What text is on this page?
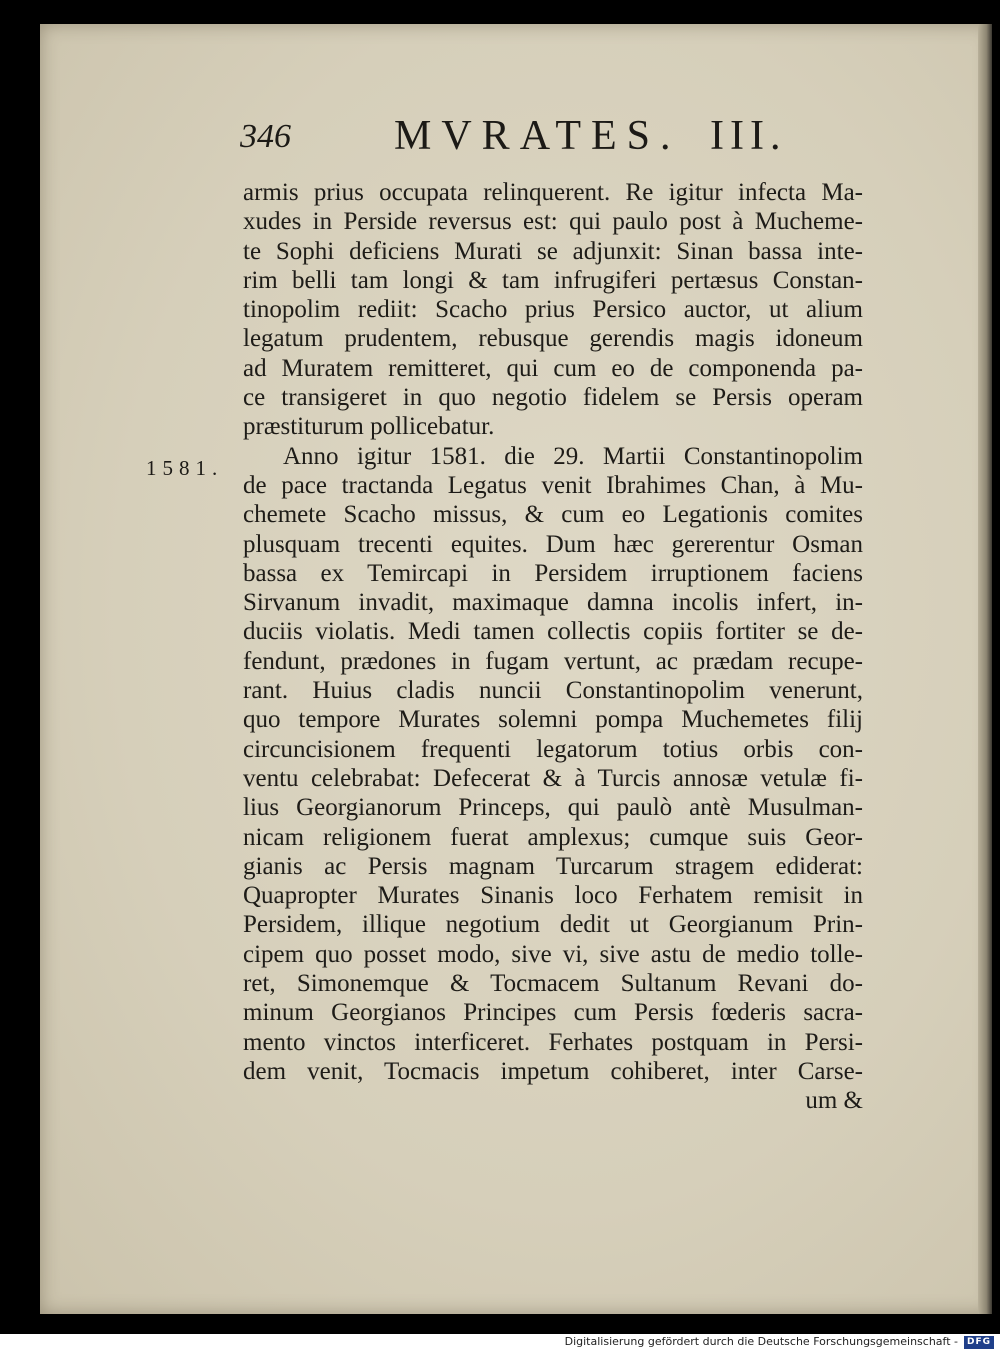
346 MVRATES. III.
1581.
armis prius occupata relinquerent. Re igitur infecta Ma-
xudes in Perside reversus est: qui paulo post à Mucheme-
te Sophi deficiens Murati se adjunxit: Sinan bassa inte-
rim belli tam longi & tam infrugiferi pertæsus Constan-
tinopolim rediit: Scacho prius Persico auctor, ut alium
legatum prudentem, rebusque gerendis magis idoneum
ad Muratem remitteret, qui cum eo de componenda pa-
ce transigeret in quo negotio fidelem se Persis operam
præstiturum pollicebatur.
Anno igitur 1581. die 29. Martii Constantinopolim
de pace tractanda Legatus venit Ibrahimes Chan, à Mu-
chemete Scacho missus, & cum eo Legationis comites
plusquam trecenti equites. Dum hæc gererentur Osman
bassa ex Temircapi in Persidem irruptionem faciens
Sirvanum invadit, maximaque damna incolis infert, in-
duciis violatis. Medi tamen collectis copiis fortiter se de-
fendunt, prædones in fugam vertunt, ac prædam recupe-
rant. Huius cladis nuncii Constantinopolim venerunt,
quo tempore Murates solemni pompa Muchemetes filij
circuncisionem frequenti legatorum totius orbis con-
ventu celebrabat: Defecerat & à Turcis annosæ vetulæ fi-
lius Georgianorum Princeps, qui paulò antè Musulman-
nicam religionem fuerat amplexus; cumque suis Geor-
gianis ac Persis magnam Turcarum stragem ediderat:
Quapropter Murates Sinanis loco Ferhatem remisit in
Persidem, illique negotium dedit ut Georgianum Prin-
cipem quo posset modo, sive vi, sive astu de medio tolle-
ret, Simonemque & Tocmacem Sultanum Revani do-
minum Georgianos Principes cum Persis fœderis sacra-
mento vinctos interficeret. Ferhates postquam in Persi-
dem venit, Tocmacis impetum cohiberet, inter Carse-
um &
Digitalisierung gefördert durch die Deutsche Forschungsgemeinschaft - DFG
